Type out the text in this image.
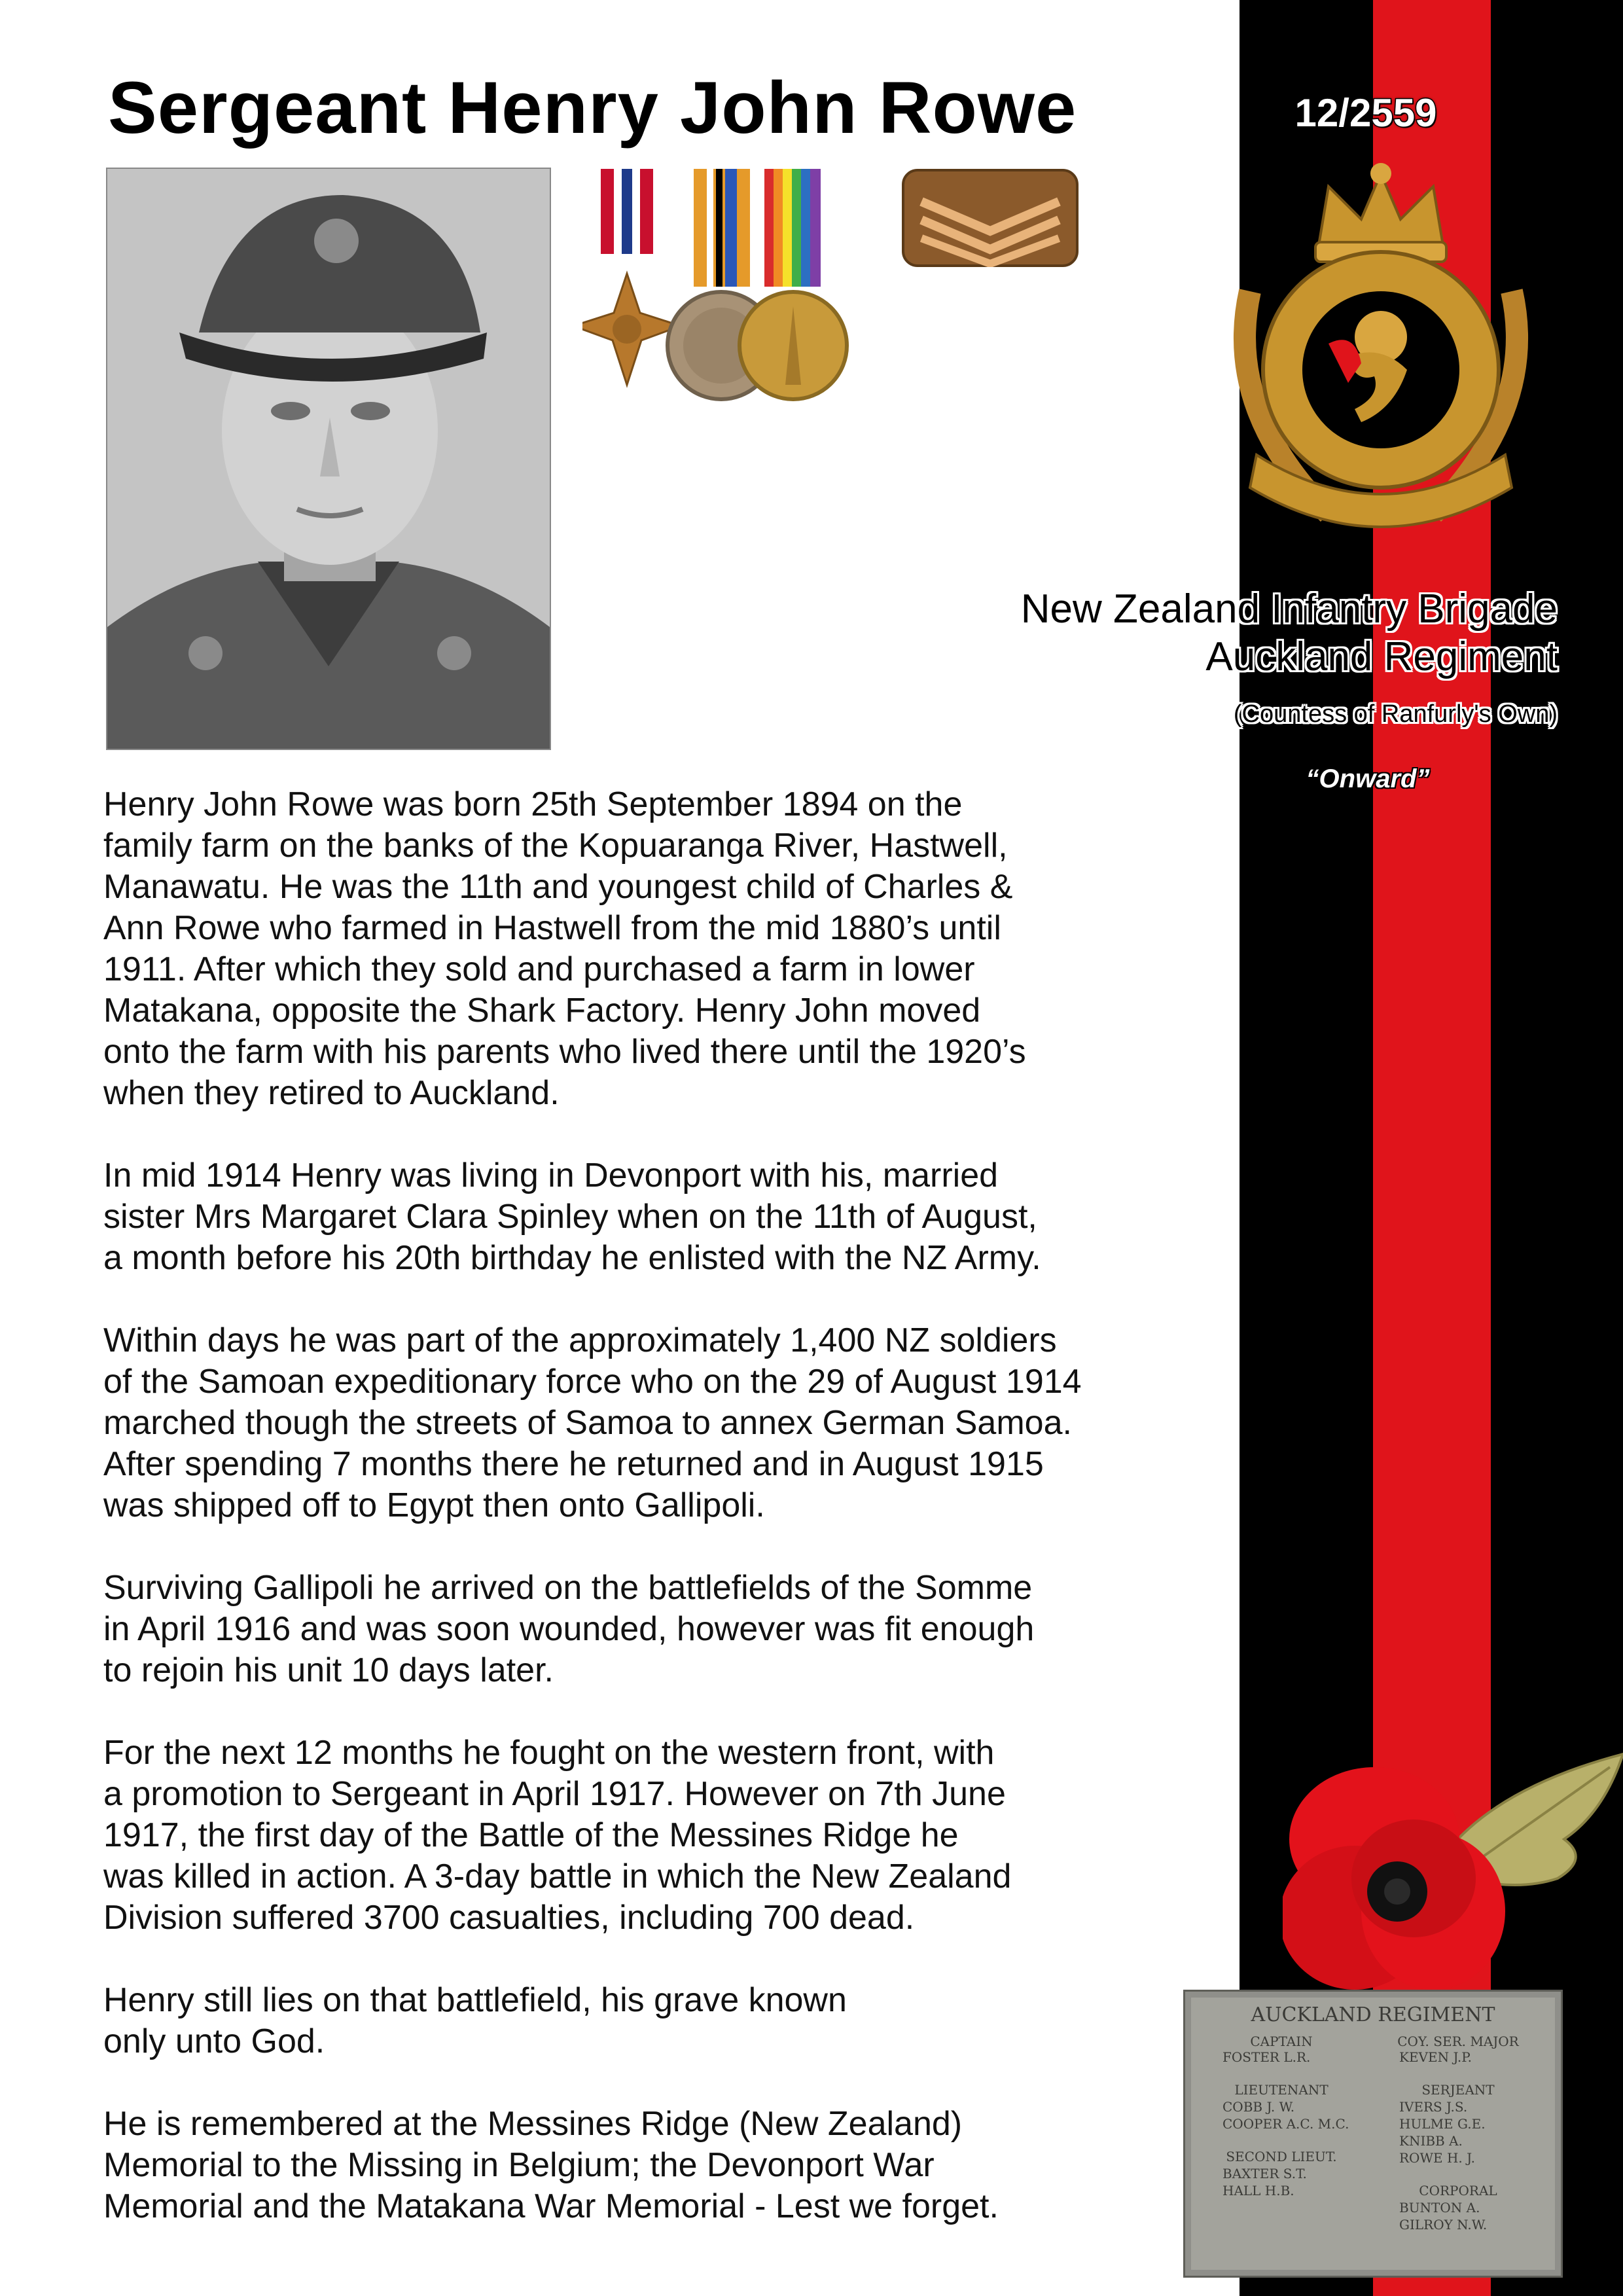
Sergeant Henry John Rowe	12/2559
New Zealand Infantry Brigade
Auckland Regiment
(Countess of Ranfurly's Own)
“Onward”

Henry John Rowe was born 25th September 1894 on the
family farm on the banks of the Kopuaranga River, Hastwell,
Manawatu. He was the 11th and youngest child of Charles &
Ann Rowe who farmed in Hastwell from the mid 1880’s until
1911. After which they sold and purchased a farm in lower
Matakana, opposite the Shark Factory. Henry John moved
onto the farm with his parents who lived there until the 1920’s
when they retired to Auckland.

In mid 1914 Henry was living in Devonport with his, married
sister Mrs Margaret Clara Spinley when on the 11th of August,
a month before his 20th birthday he enlisted with the NZ Army.

Within days he was part of the approximately 1,400 NZ soldiers
of the Samoan expeditionary force who on the 29 of August 1914
marched though the streets of Samoa to annex German Samoa.
After spending 7 months there he returned and in August 1915
was shipped off to Egypt then onto Gallipoli.

Surviving Gallipoli he arrived on the battlefields of the Somme
in April 1916 and was soon wounded, however was fit enough
to rejoin his unit 10 days later.

For the next 12 months he fought on the western front, with
a promotion to Sergeant in April 1917. However on 7th June
1917, the first day of the Battle of the Messines Ridge he
was killed in action. A 3-day battle in which the New Zealand
Division suffered 3700 casualties, including 700 dead.

Henry still lies on that battlefield, his grave known
only unto God.

He is remembered at the Messines Ridge (New Zealand)
Memorial to the Missing in Belgium; the Devonport War
Memorial and the Matakana War Memorial - Lest we forget.

AUCKLAND REGIMENT
CAPTAIN
FOSTER L.R.
LIEUTENANT
COBB J. W.
COOPER A.C. M.C.
SECOND LIEUT.
BAXTER S.T.
HALL H.B.
COY. SER. MAJOR
KEVEN J.P.
SERJEANT
IVERS J.S.
HULME G.E.
KNIBB A.
ROWE H. J.
CORPORAL
BUNTON A.
GILROY N.W.
